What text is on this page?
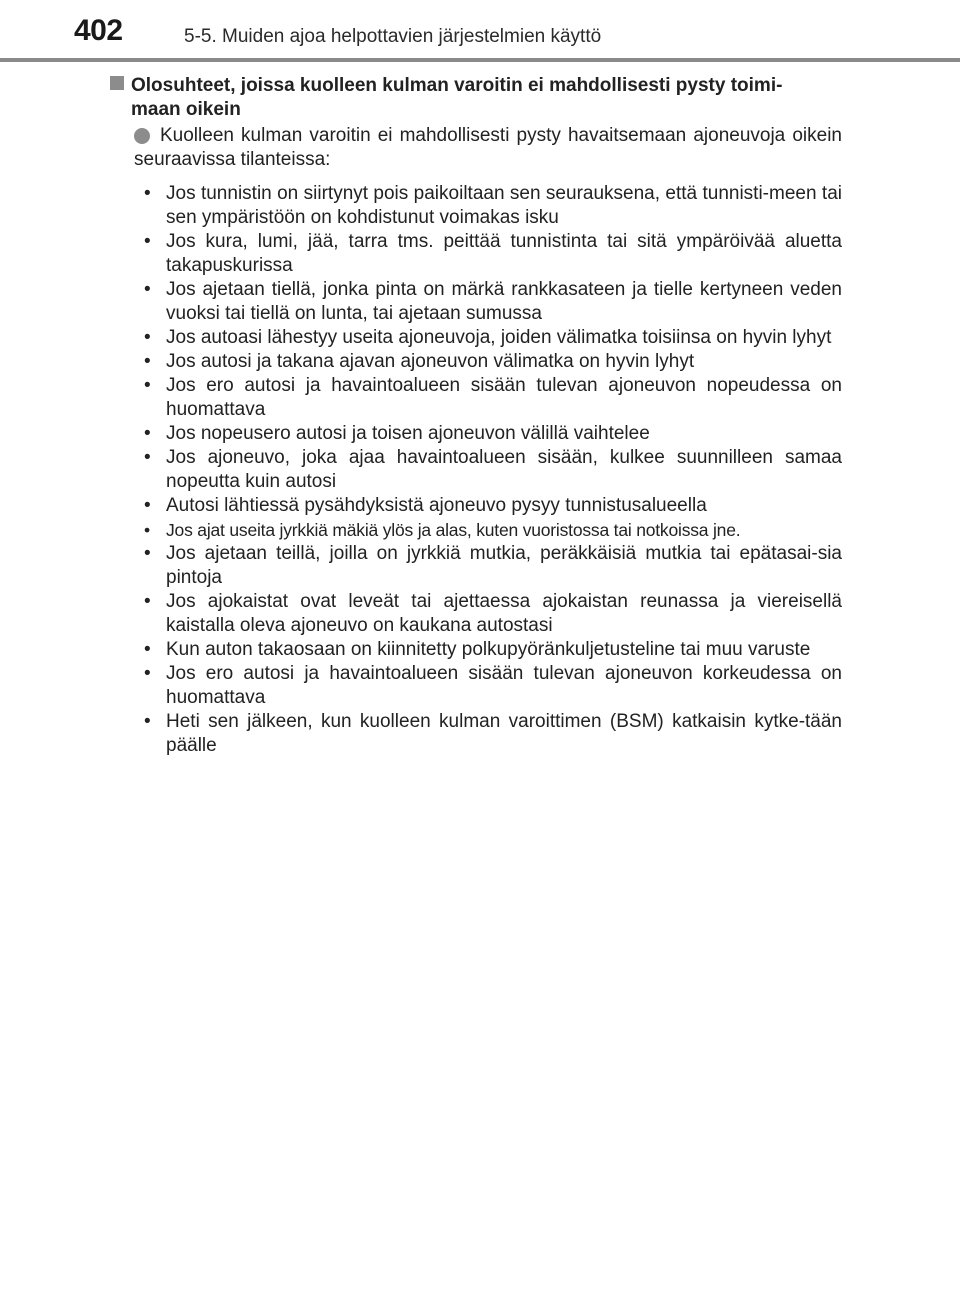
402	5-5. Muiden ajoa helpottavien järjestelmien käyttö
Olosuhteet, joissa kuolleen kulman varoitin ei mahdollisesti pysty toimi-
maan oikein
Kuolleen kulman varoitin ei mahdollisesti pysty havaitsemaan ajoneuvoja oikein seuraavissa tilanteissa:
• Jos tunnistin on siirtynyt pois paikoiltaan sen seurauksena, että tunnisti-meen tai sen ympäristöön on kohdistunut voimakas isku
• Jos kura, lumi, jää, tarra tms. peittää tunnistinta tai sitä ympäröivää aluetta takapuskurissa
• Jos ajetaan tiellä, jonka pinta on märkä rankkasateen ja tielle kertyneen veden vuoksi tai tiellä on lunta, tai ajetaan sumussa
• Jos autoasi lähestyy useita ajoneuvoja, joiden välimatka toisiinsa on hyvin lyhyt
• Jos autosi ja takana ajavan ajoneuvon välimatka on hyvin lyhyt
• Jos ero autosi ja havaintoalueen sisään tulevan ajoneuvon nopeudessa on huomattava
• Jos nopeusero autosi ja toisen ajoneuvon välillä vaihtelee
• Jos ajoneuvo, joka ajaa havaintoalueen sisään, kulkee suunnilleen samaa nopeutta kuin autosi
• Autosi lähtiessä pysähdyksistä ajoneuvo pysyy tunnistusalueella
• Jos ajat useita jyrkkiä mäkiä ylös ja alas, kuten vuoristossa tai notkoissa jne.
• Jos ajetaan teillä, joilla on jyrkkiä mutkia, peräkkäisiä mutkia tai epätasai-sia pintoja
• Jos ajokaistat ovat leveät tai ajettaessa ajokaistan reunassa ja viereisellä kaistalla oleva ajoneuvo on kaukana autostasi
• Kun auton takaosaan on kiinnitetty polkupyöränkuljetusteline tai muu varuste
• Jos ero autosi ja havaintoalueen sisään tulevan ajoneuvon korkeudessa on huomattava
• Heti sen jälkeen, kun kuolleen kulman varoittimen (BSM) katkaisin kytke-tään päälle
